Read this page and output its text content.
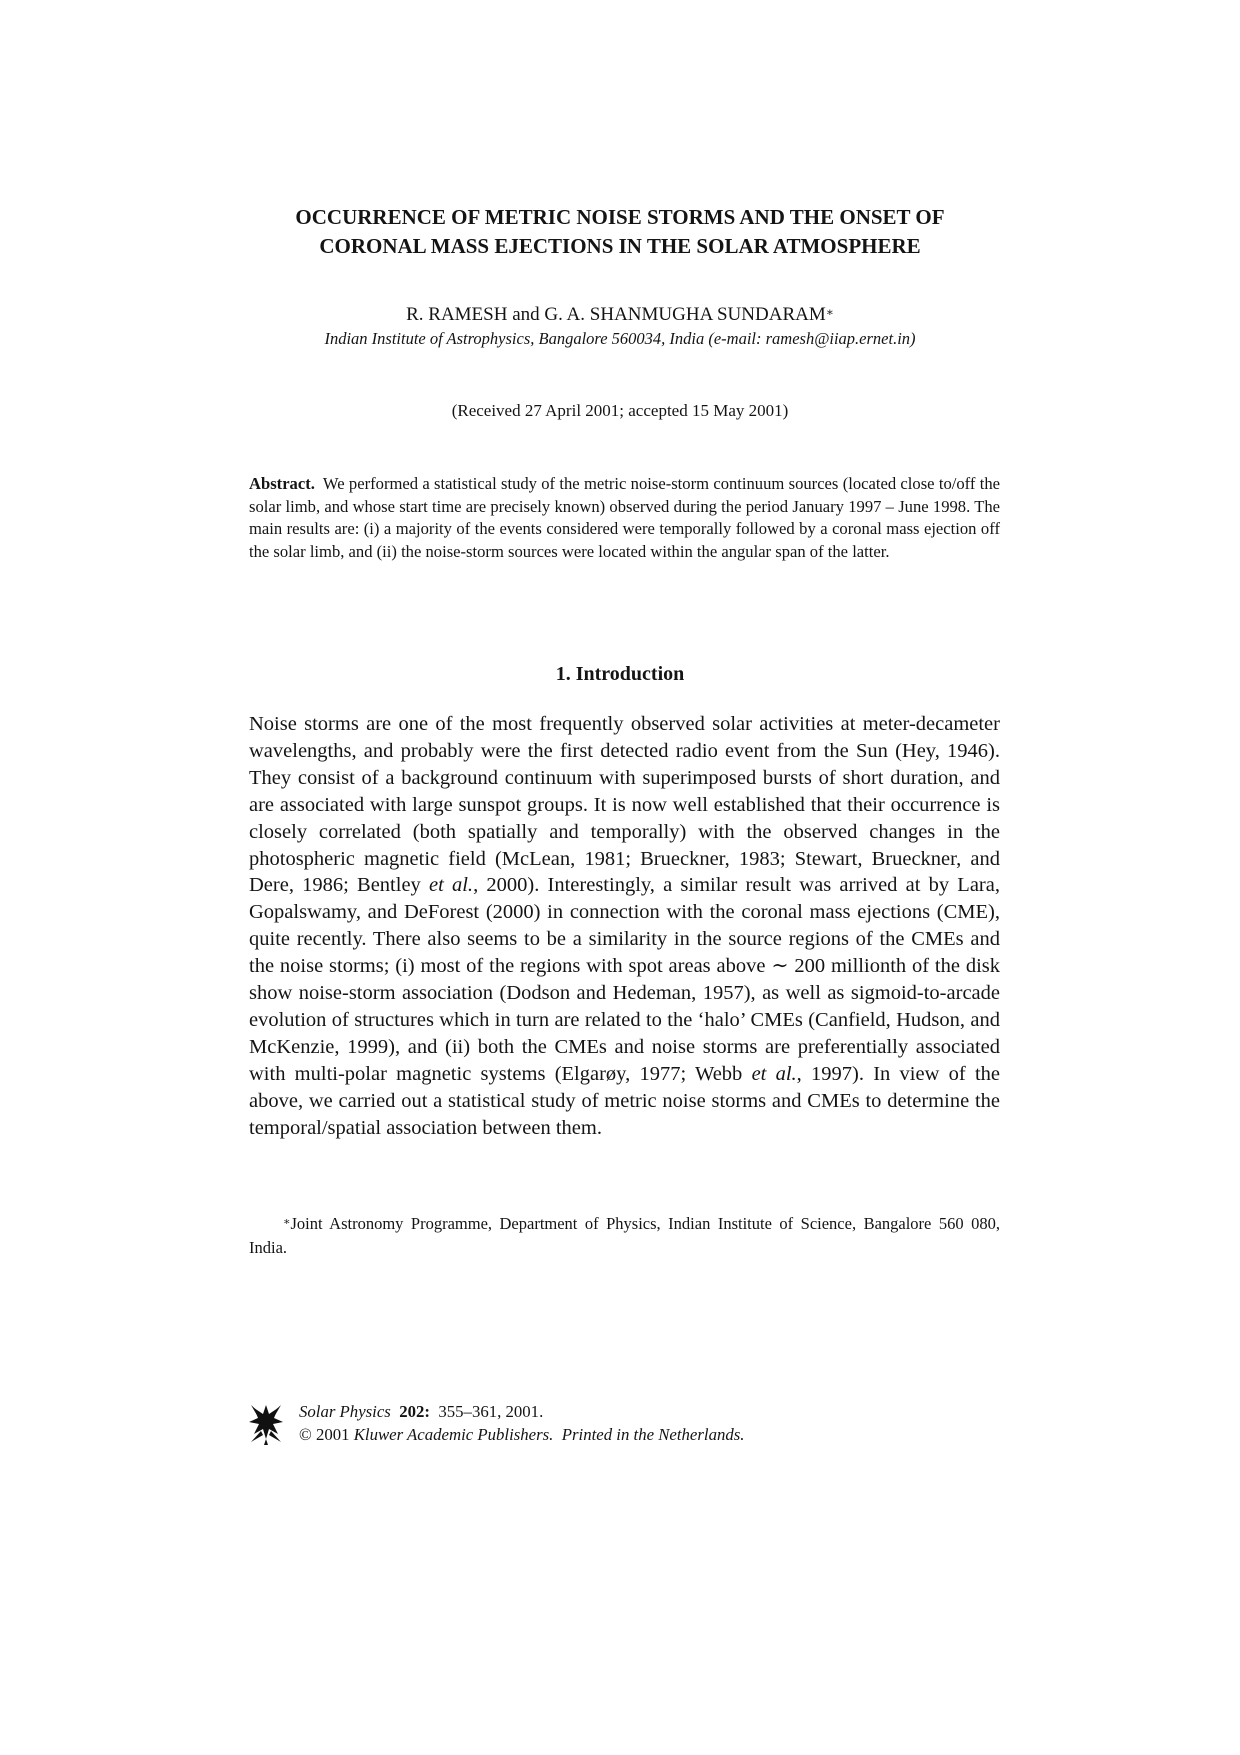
OCCURRENCE OF METRIC NOISE STORMS AND THE ONSET OF
CORONAL MASS EJECTIONS IN THE SOLAR ATMOSPHERE

R. RAMESH and G. A. SHANMUGHA SUNDARAM∗

Indian Institute of Astrophysics, Bangalore 560034, India (e-mail: ramesh@iiap.ernet.in)

(Received 27 April 2001; accepted 15 May 2001)

Abstract. We performed a statistical study of the metric noise-storm continuum sources (located close to/off the solar limb, and whose start time are precisely known) observed during the period January 1997 – June 1998. The main results are: (i) a majority of the events considered were temporally followed by a coronal mass ejection off the solar limb, and (ii) the noise-storm sources were located within the angular span of the latter.

1. Introduction

Noise storms are one of the most frequently observed solar activities at meter-decameter wavelengths, and probably were the first detected radio event from the Sun (Hey, 1946). They consist of a background continuum with superimposed bursts of short duration, and are associated with large sunspot groups. It is now well established that their occurrence is closely correlated (both spatially and temporally) with the observed changes in the photospheric magnetic field (McLean, 1981; Brueckner, 1983; Stewart, Brueckner, and Dere, 1986; Bentley et al., 2000). Interestingly, a similar result was arrived at by Lara, Gopalswamy, and DeForest (2000) in connection with the coronal mass ejections (CME), quite recently. There also seems to be a similarity in the source regions of the CMEs and the noise storms; (i) most of the regions with spot areas above ∼ 200 millionth of the disk show noise-storm association (Dodson and Hedeman, 1957), as well as sigmoid-to-arcade evolution of structures which in turn are related to the ‘halo’ CMEs (Canfield, Hudson, and McKenzie, 1999), and (ii) both the CMEs and noise storms are preferentially associated with multi-polar magnetic systems (Elgarøy, 1977; Webb et al., 1997). In view of the above, we carried out a statistical study of metric noise storms and CMEs to determine the temporal/spatial association between them.

∗Joint Astronomy Programme, Department of Physics, Indian Institute of Science, Bangalore 560 080, India.

Solar Physics 202: 355–361, 2001.
© 2001 Kluwer Academic Publishers. Printed in the Netherlands.
